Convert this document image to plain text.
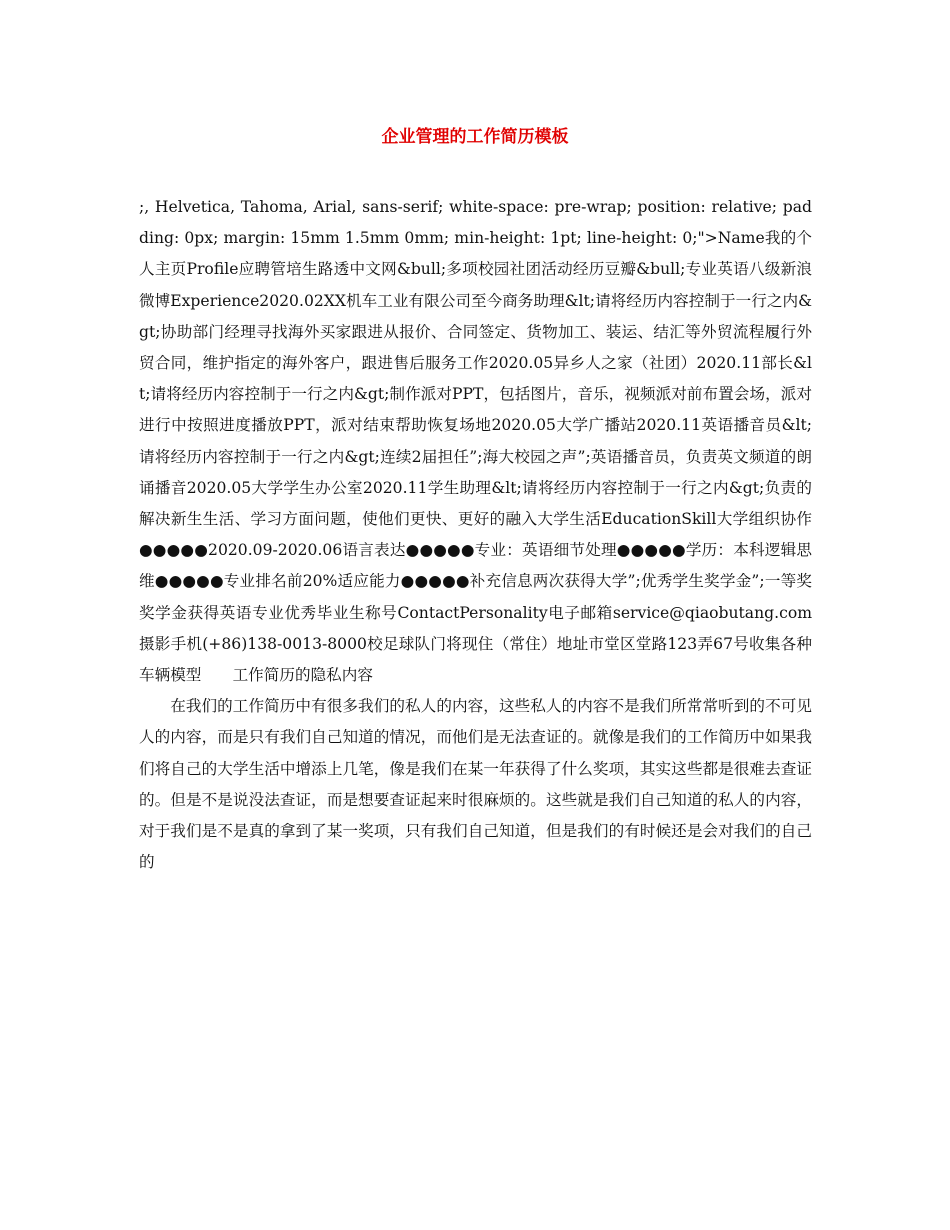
企业管理的工作简历模板

;, Helvetica, Tahoma, Arial, sans-serif; white-space: pre-wrap; position: relative; padding: 0px; margin: 15mm 1.5mm 0mm; min-height: 1pt; line-height: 0;">Name我的个人主页Profile应聘管培生路透中文网&bull;多项校园社团活动经历豆瓣&bull;专业英语八级新浪微博Experience2020.02XX机车工业有限公司至今商务助理&lt;请将经历内容控制于一行之内&gt;协助部门经理寻找海外买家跟进从报价、合同签定、货物加工、装运、结汇等外贸流程履行外贸合同，维护指定的海外客户，跟进售后服务工作2020.05异乡人之家（社团）2020.11部长&lt;请将经历内容控制于一行之内&gt;制作派对PPT，包括图片，音乐，视频派对前布置会场，派对进行中按照进度播放PPT，派对结束帮助恢复场地2020.05大学广播站2020.11英语播音员&lt;请将经历内容控制于一行之内&gt;连续2届担任”;海大校园之声”;英语播音员，负责英文频道的朗诵播音2020.05大学学生办公室2020.11学生助理&lt;请将经历内容控制于一行之内&gt;负责的解决新生生活、学习方面问题，使他们更快、更好的融入大学生活EducationSkill大学组织协作●●●●●2020.09-2020.06语言表达●●●●●专业：英语细节处理●●●●●学历：本科逻辑思维●●●●●专业排名前20%适应能力●●●●●补充信息两次获得大学”;优秀学生奖学金”;一等奖奖学金获得英语专业优秀毕业生称号ContactPersonality电子邮箱service@qiaobutang.com摄影手机(+86)138-0013-8000校足球队门将现住（常住）地址市堂区堂路123弄67号收集各种车辆模型　　工作简历的隐私内容

在我们的工作简历中有很多我们的私人的内容，这些私人的内容不是我们所常常听到的不可见人的内容，而是只有我们自己知道的情况，而他们是无法查证的。就像是我们的工作简历中如果我们将自己的大学生活中增添上几笔，像是我们在某一年获得了什么奖项，其实这些都是很难去查证的。但是不是说没法查证，而是想要查证起来时很麻烦的。这些就是我们自己知道的私人的内容，对于我们是不是真的拿到了某一奖项，只有我们自己知道，但是我们的有时候还是会对我们的自己的
